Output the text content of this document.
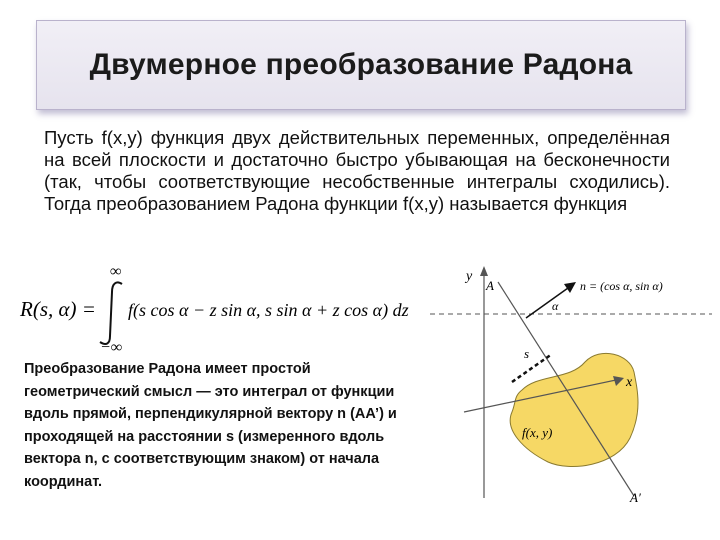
Двумерное преобразование Радона
Пусть f(x,y) функция двух действительных переменных, определённая на всей плоскости и достаточно быстро убывающая на бесконечности (так, чтобы соответствующие несобственные интегралы сходились). Тогда преобразованием Радона функции f(x,y) называется функция
∞
R(s, α) = f(s cos α − z sin α, s sin α + z cos α) dz
−∞
Преобразование Радона имеет простой геометрический смысл — это интеграл от функции вдоль прямой, перпендикулярной вектору n (AA’) и проходящей на расстоянии s (измеренного вдоль вектора n, с соответствующим знаком) от начала координат.
y
f(x, y)
x
A
A′
s
α
n = (cos α, sin α)
